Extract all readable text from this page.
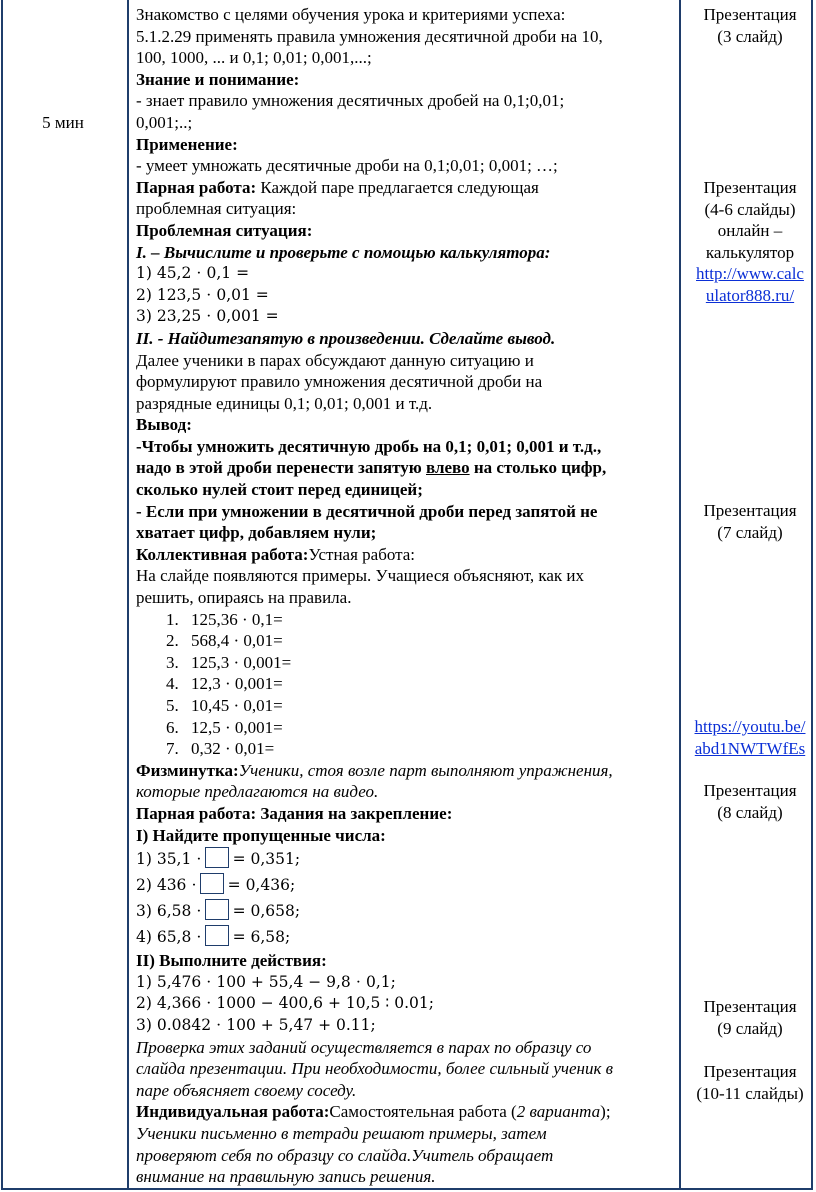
5 мин
Знакомство с целями обучения урока и критериями успеха:
5.1.2.29 применять правила умножения десятичной дроби на 10,
100, 1000, ... и 0,1; 0,01; 0,001,...;
Знание и понимание:
- знает правило умножения десятичных дробей на 0,1;0,01;
0,001;..;
Применение:
- умеет умножать десятичные дроби на 0,1;0,01; 0,001; …;
Парная работа: Каждой паре предлагается следующая
проблемная ситуация:
Проблемная ситуация:
I. – Вычислите и проверьте с помощью калькулятора:
1) 45,2 ⋅ 0,1 =
2) 123,5 ⋅ 0,01 =
3) 23,25 ⋅ 0,001 =
II. - Найдитезапятую в произведении. Сделайте вывод.
Далее ученики в парах обсуждают данную ситуацию и
формулируют правило умножения десятичной дроби на
разрядные единицы 0,1; 0,01; 0,001 и т.д.
Вывод:
-Чтобы умножить десятичную дробь на 0,1; 0,01; 0,001 и т.д.,
надо в этой дроби перенести запятую влево на столько цифр,
сколько нулей стоит перед единицей;
- Если при умножении в десятичной дроби перед запятой не
хватает цифр, добавляем нули;
Коллективная работа:Устная работа:
На слайде появляются примеры. Учащиеся объясняют, как их
решить, опираясь на правила.
1. 125,36 · 0,1=
2. 568,4 · 0,01=
3. 125,3 · 0,001=
4. 12,3 · 0,001=
5. 10,45 · 0,01=
6. 12,5 · 0,001=
7. 0,32 · 0,01=
Физминутка:Ученики, стоя возле парт выполняют упражнения,
которые предлагаются на видео.
Парная работа: Задания на закрепление:
I) Найдите пропущенные числа:
1) 35,1 ⋅ = 0,351;
2) 436 ⋅ = 0,436;
3) 6,58 ⋅ = 0,658;
4) 65,8 ⋅ = 6,58;
II) Выполните действия:
1) 5,476 ⋅ 100 + 55,4 − 9,8 ⋅ 0,1;
2) 4,366 ⋅ 1000 − 400,6 + 10,5 ∶ 0.01;
3) 0.0842 ⋅ 100 + 5,47 + 0.11;
Проверка этих заданий осуществляется в парах по образцу со
слайда презентации. При необходимости, более сильный ученик в
паре объясняет своему соседу.
Индивидуальная работа:Самостоятельная работа (2 варианта);
Ученики письменно в тетради решают примеры, затем
проверяют себя по образцу со слайда.Учитель обращает
внимание на правильную запись решения.
Презентация
(3 слайд)
Презентация
(4-6 слайды)
онлайн –
калькулятор
http://www.calc
ulator888.ru/
Презентация
(7 слайд)
https://youtu.be/
abd1NWTWfEs
Презентация
(8 слайд)
Презентация
(9 слайд)
Презентация
(10-11 слайды)
